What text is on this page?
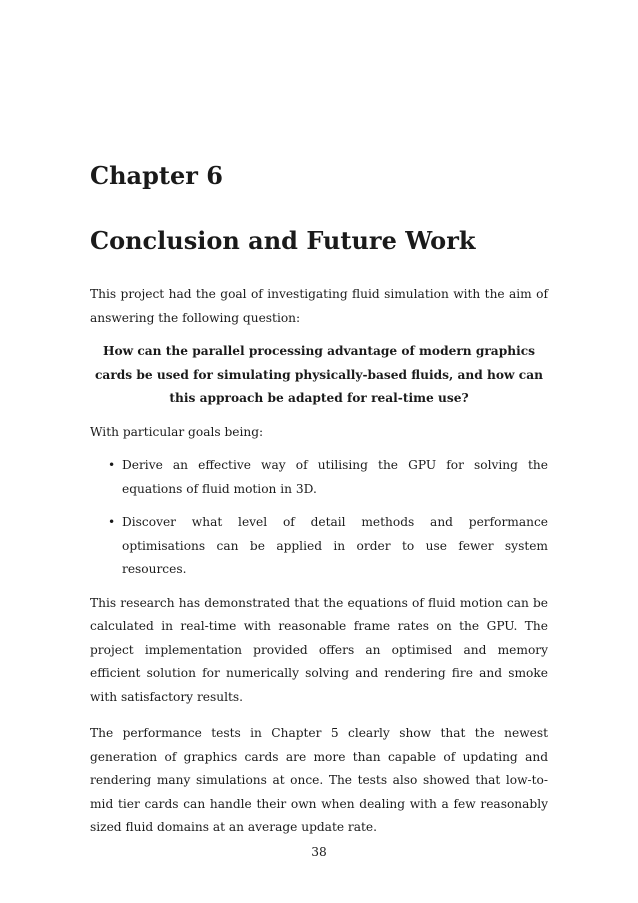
Chapter 6
Conclusion and Future Work

This project had the goal of investigating fluid simulation with the aim of answering the following question:

How can the parallel processing advantage of modern graphics cards be used for simulating physically-based fluids, and how can this approach be adapted for real-time use?

With particular goals being:

• Derive an effective way of utilising the GPU for solving the equations of fluid motion in 3D.
• Discover what level of detail methods and performance optimisations can be applied in order to use fewer system resources.

This research has demonstrated that the equations of fluid motion can be calculated in real-time with reasonable frame rates on the GPU. The project implementation provided offers an optimised and memory efficient solution for numerically solving and rendering fire and smoke with satisfactory results.

The performance tests in Chapter 5 clearly show that the newest generation of graphics cards are more than capable of updating and rendering many simulations at once. The tests also showed that low-to-mid tier cards can handle their own when dealing with a few reasonably sized fluid domains at an average update rate.

38
